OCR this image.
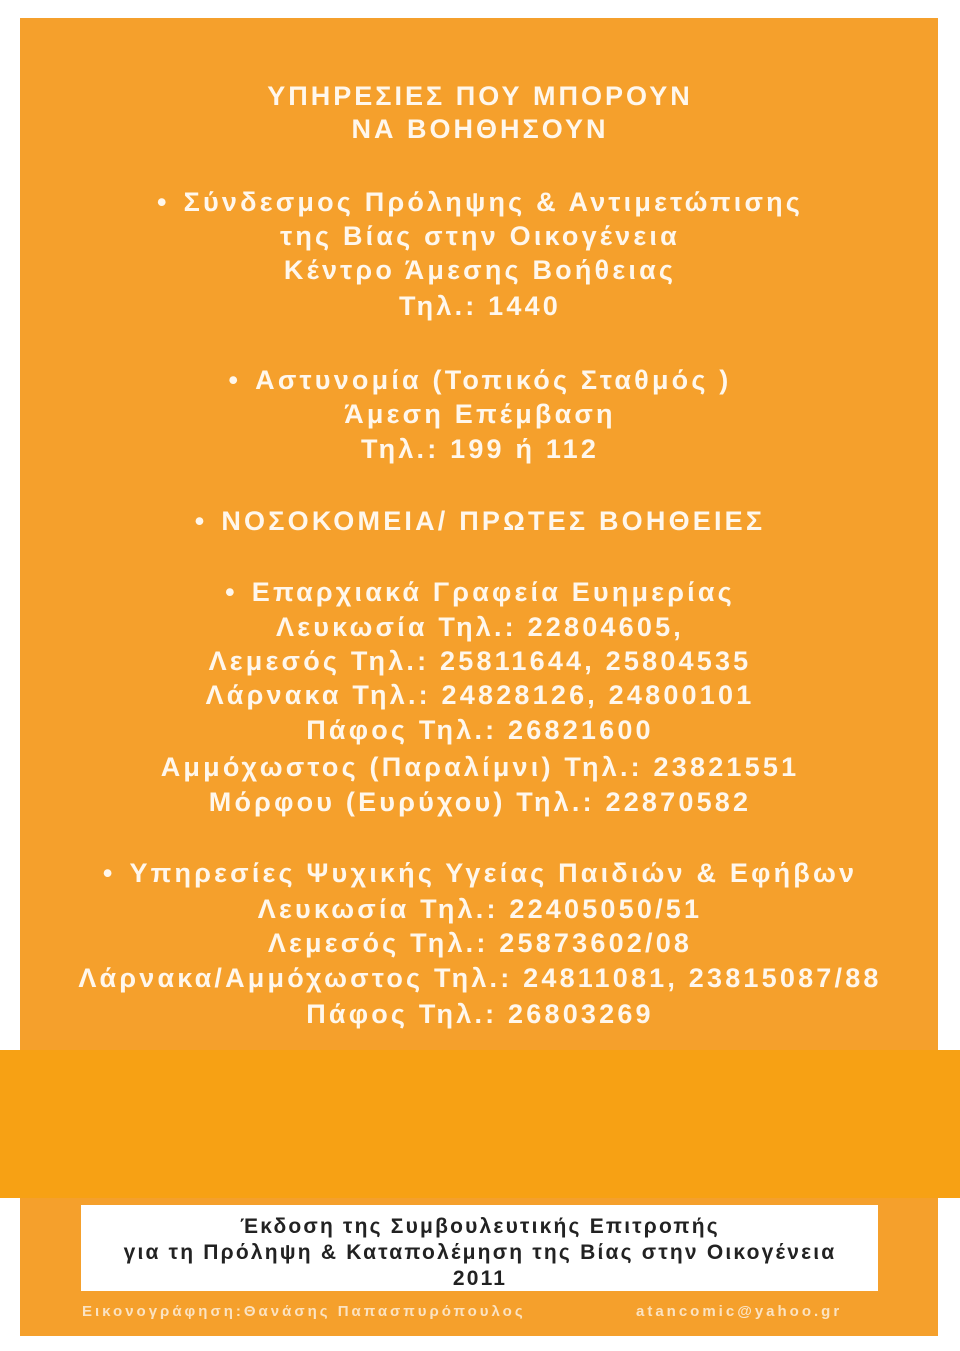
ΥΠΗΡΕΣΙΕΣ ΠΟΥ ΜΠΟΡΟΥΝ
ΝΑ ΒΟΗΘΗΣΟΥΝ
• Σύνδεσμος Πρόληψης & Αντιμετώπισης
της Βίας στην Οικογένεια
Κέντρο Άμεσης Βοήθειας
Τηλ.: 1440
• Αστυνομία (Τοπικός Σταθμός )
Άμεση Επέμβαση
Τηλ.: 199 ή 112
• ΝΟΣΟΚΟΜΕΙΑ/ ΠΡΩΤΕΣ ΒΟΗΘΕΙΕΣ
• Επαρχιακά Γραφεία Ευημερίας
Λευκωσία Τηλ.: 22804605,
Λεμεσός Τηλ.: 25811644, 25804535
Λάρνακα Τηλ.: 24828126, 24800101
Πάφος Τηλ.: 26821600
Αμμόχωστος (Παραλίμνι) Τηλ.: 23821551
Μόρφου (Ευρύχου) Τηλ.: 22870582
• Υπηρεσίες Ψυχικής Υγείας Παιδιών & Εφήβων
Λευκωσία Τηλ.: 22405050/51
Λεμεσός Τηλ.: 25873602/08
Λάρνακα/Αμμόχωστος Τηλ.: 24811081, 23815087/88
Πάφος Τηλ.: 26803269
Έκδοση της Συμβουλευτικής Επιτροπής
για τη Πρόληψη & Καταπολέμηση της Βίας στην Οικογένεια
2011
Εικονογράφηση:Θανάσης Παπασπυρόπουλος	atancomic@yahoo.gr
